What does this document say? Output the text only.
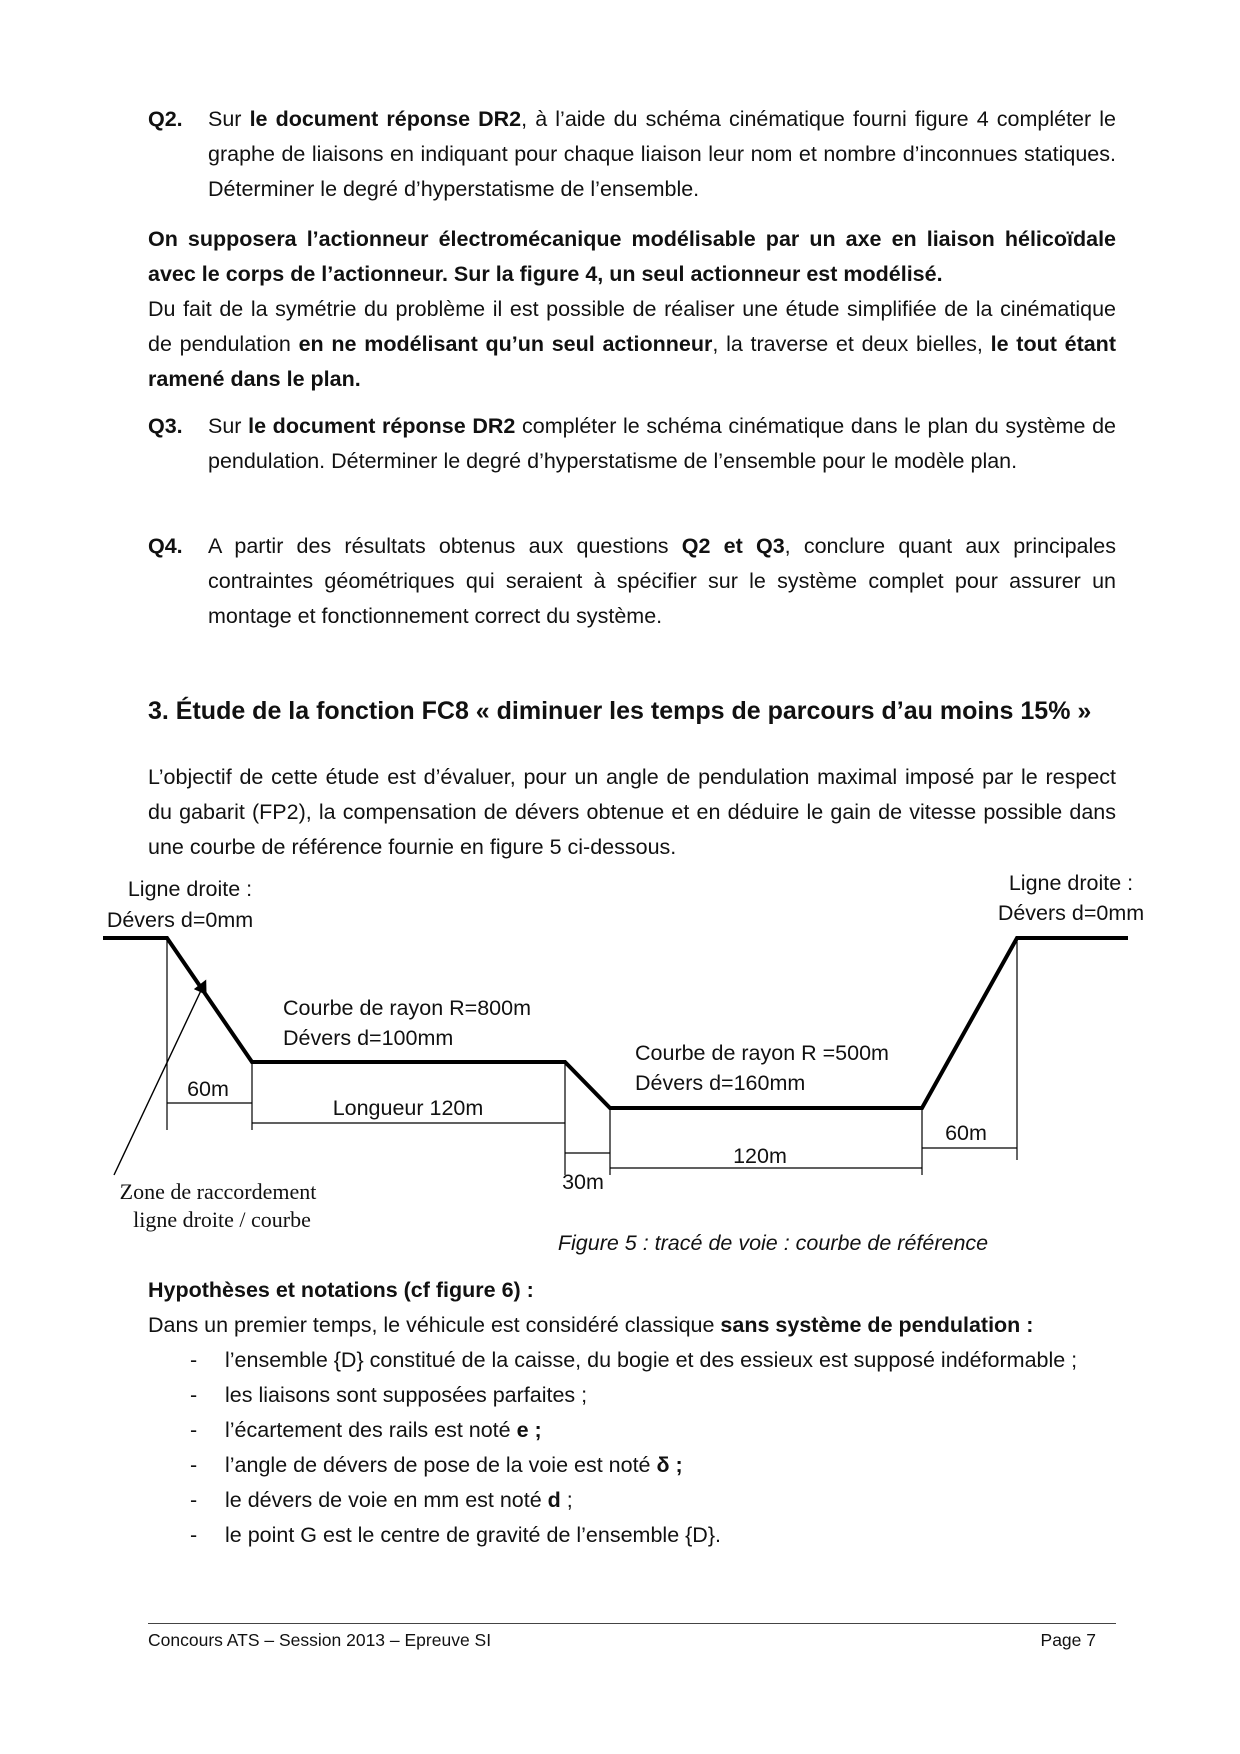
Q2. Sur le document réponse DR2, à l’aide du schéma cinématique fourni figure 4 compléter le graphe de liaisons en indiquant pour chaque liaison leur nom et nombre d’inconnues statiques. Déterminer le degré d’hyperstatisme de l’ensemble.
On supposera l’actionneur électromécanique modélisable par un axe en liaison hélicoïdale avec le corps de l’actionneur. Sur la figure 4, un seul actionneur est modélisé.
Du fait de la symétrie du problème il est possible de réaliser une étude simplifiée de la cinématique de pendulation en ne modélisant qu’un seul actionneur, la traverse et deux bielles, le tout étant ramené dans le plan.
Q3. Sur le document réponse DR2 compléter le schéma cinématique dans le plan du système de pendulation. Déterminer le degré d’hyperstatisme de l’ensemble pour le modèle plan.
Q4. A partir des résultats obtenus aux questions Q2 et Q3, conclure quant aux principales contraintes géométriques qui seraient à spécifier sur le système complet pour assurer un montage et fonctionnement correct du système.
3. Étude de la fonction FC8 « diminuer les temps de parcours d’au moins 15% »
L’objectif de cette étude est d’évaluer, pour un angle de pendulation maximal imposé par le respect du gabarit (FP2), la compensation de dévers obtenue et en déduire le gain de vitesse possible dans une courbe de référence fournie en figure 5 ci-dessous.
Ligne droite :
Dévers d=0mm
Ligne droite :
Dévers d=0mm
Courbe de rayon R=800m
Dévers d=100mm
Courbe de rayon R =500m
Dévers d=160mm
60m
Longueur 120m
30m
120m
60m
Figure 5 : tracé de voie : courbe de référence
Zone de raccordement
ligne droite / courbe
Hypothèses et notations (cf figure 6) :
Dans un premier temps, le véhicule est considéré classique sans système de pendulation :
- l’ensemble {D} constitué de la caisse, du bogie et des essieux est supposé indéformable ;
- les liaisons sont supposées parfaites ;
- l’écartement des rails est noté e ;
- l’angle de dévers de pose de la voie est noté δ ;
- le dévers de voie en mm est noté d ;
- le point G est le centre de gravité de l’ensemble {D}.
Concours ATS – Session 2013 – Epreuve SI	Page 7
